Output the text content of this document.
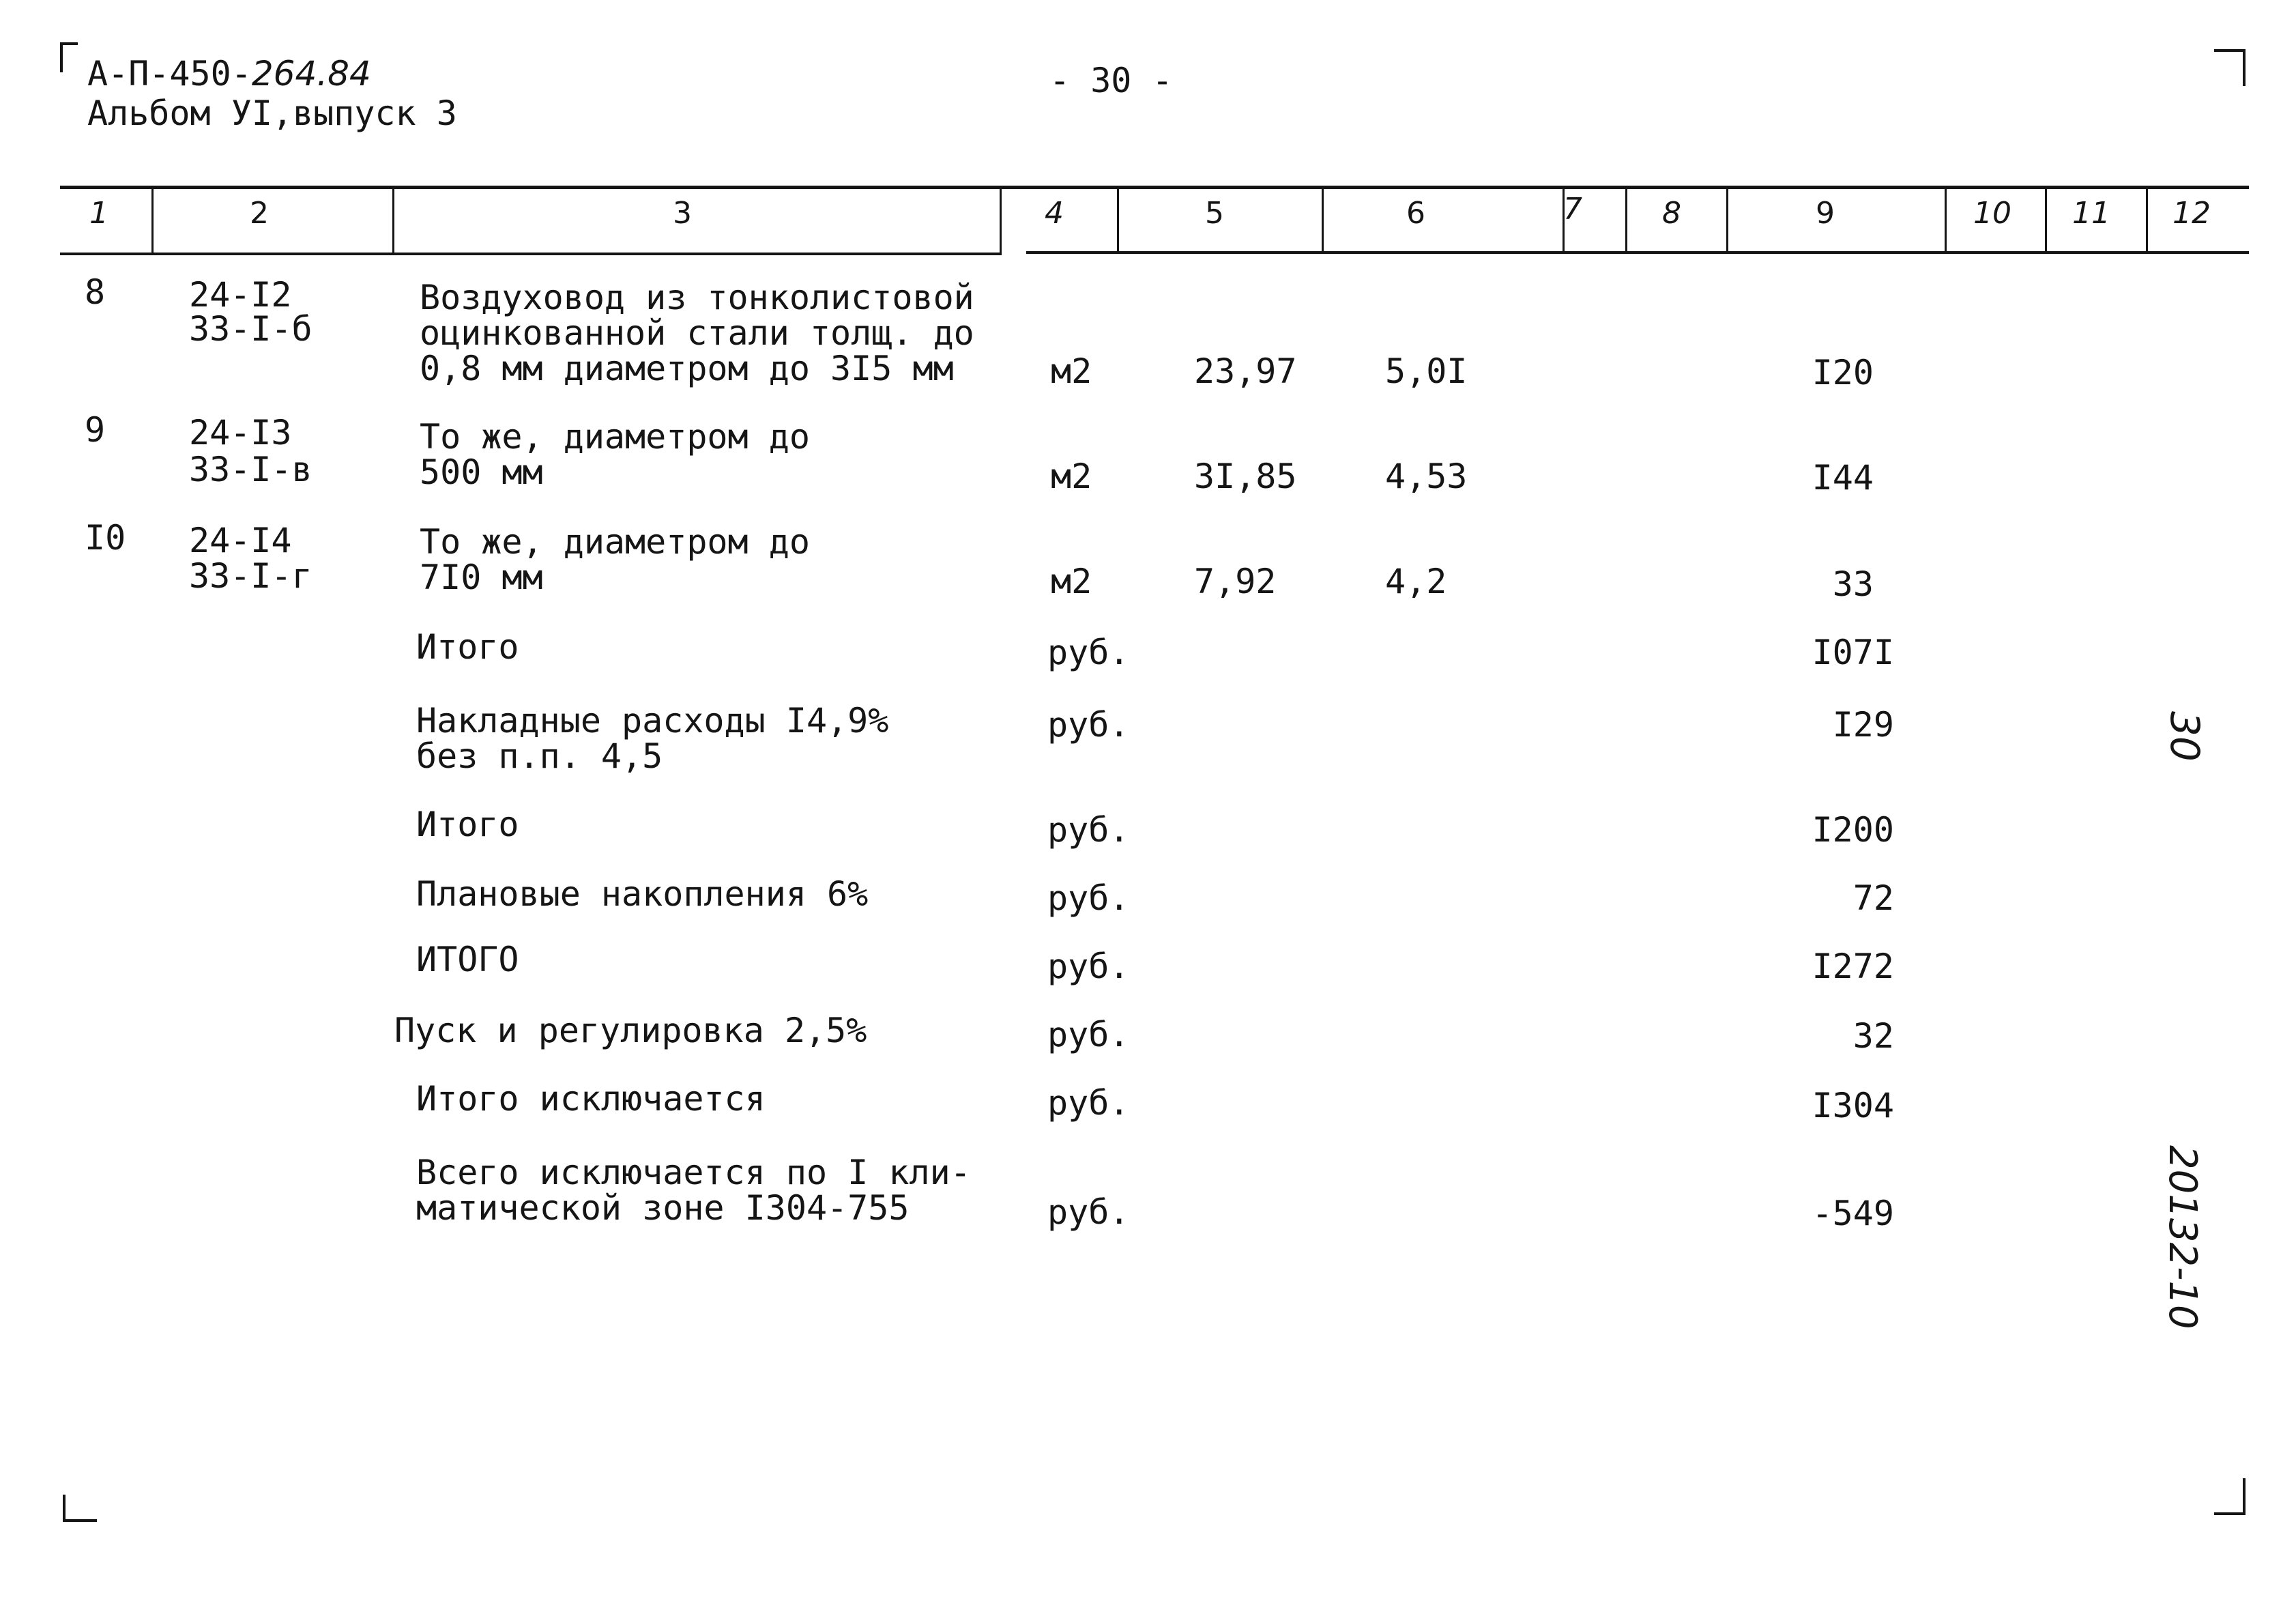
А-П-450-264.84
Альбом УI,выпуск 3
- 30 -
1	2	3	4	5	6	7	8	9	10 11 12
8 24-I2
33-I-б
Воздуховод из тонколистовой
оцинкованной стали толщ. до
0,8 мм диаметром до 3I5 мм	м2	23,97	5,0I	I20
9 24-I3
33-I-в
То же, диаметром до
500 мм	м2	3I,85	4,53	I44
I0 24-I4
33-I-г
То же, диаметром до
7I0 мм	м2	7,92	4,2	33
Итого	руб.	I07I
Накладные расходы I4,9%
без п.п. 4,5
руб.	I29
Итого	руб.	I200
Плановые накопления 6%	руб.	72
ИТОГО	руб.	I272
Пуск и регулировка 2,5%	руб.	32
Итого исключается	руб.	I304
Всего исключается по I кли-
матической зоне I304-755	руб.	-549
30
20132-10
